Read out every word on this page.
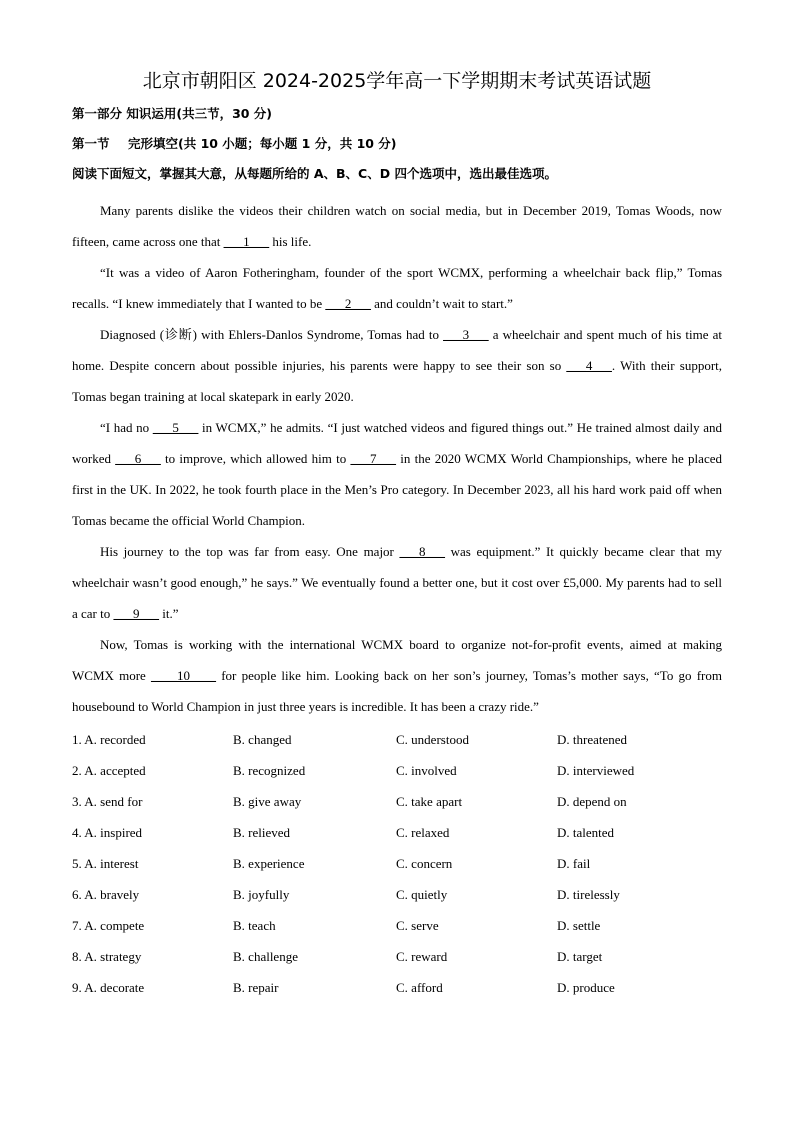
北京市朝阳区 2024-2025学年高一下学期期末考试英语试题
第一部分 知识运用(共三节，30 分)
第一节 完形填空(共 10 小题；每小题 1 分，共 10 分)
阅读下面短文，掌握其大意，从每题所给的 A、B、C、D 四个选项中，选出最佳选项。

Many parents dislike the videos their children watch on social media, but in December 2019, Tomas Woods, now fifteen, came across one that ___1___ his life.

“It was a video of Aaron Fotheringham, founder of the sport WCMX, performing a wheelchair back flip,” Tomas recalls. “I knew immediately that I wanted to be ___2___ and couldn’t wait to start.”

Diagnosed (诊断) with Ehlers-Danlos Syndrome, Tomas had to ___3___ a wheelchair and spent much of his time at home. Despite concern about possible injuries, his parents were happy to see their son so ___4___. With their support, Tomas began training at local skatepark in early 2020.

“I had no ___5___ in WCMX,” he admits. “I just watched videos and figured things out.” He trained almost daily and worked ___6___ to improve, which allowed him to ___7___ in the 2020 WCMX World Championships, where he placed first in the UK. In 2022, he took fourth place in the Men’s Pro category. In December 2023, all his hard work paid off when Tomas became the official World Champion.

His journey to the top was far from easy. One major ___8___ was equipment.” It quickly became clear that my wheelchair wasn’t good enough,” he says.” We eventually found a better one, but it cost over £5,000. My parents had to sell a car to ___9___ it.”

Now, Tomas is working with the international WCMX board to organize not-for-profit events, aimed at making WCMX more ____10____ for people like him. Looking back on her son’s journey, Tomas’s mother says, “To go from housebound to World Champion in just three years is incredible. It has been a crazy ride.”

1. A. recorded	B. changed	C. understood	D. threatened
2. A. accepted	B. recognized	C. involved	D. interviewed
3. A. send for	B. give away	C. take apart	D. depend on
4. A. inspired	B. relieved	C. relaxed	D. talented
5. A. interest	B. experience	C. concern	D. fail
6. A. bravely	B. joyfully	C. quietly	D. tirelessly
7. A. compete	B. teach	C. serve	D. settle
8. A. strategy	B. challenge	C. reward	D. target
9. A. decorate	B. repair	C. afford	D. produce
